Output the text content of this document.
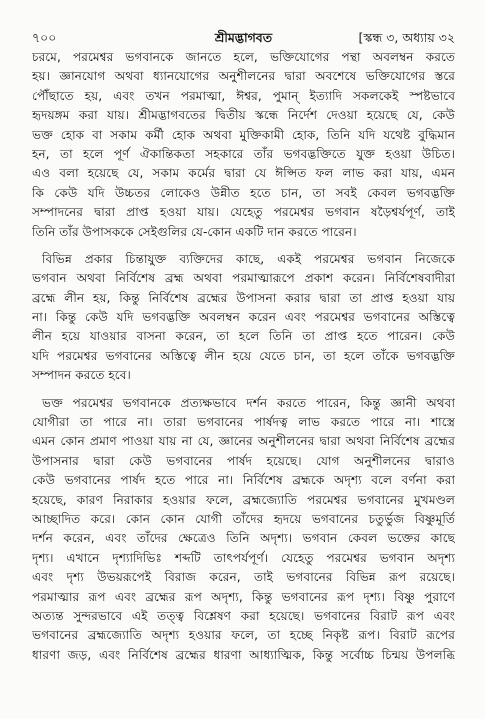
৭০০	শ্রীমদ্ভাগবত	[স্কন্ধ ৩, অধ্যায় ৩২
চরমে, পরমেশ্বর ভগবানকে জানতে হলে, ভক্তিযোগের পন্থা অবলম্বন করতে
হয়। জ্ঞানযোগ অথবা ধ্যানযোগের অনুশীলনের দ্বারা অবশেষে ভক্তিযোগের স্তরে
পৌঁছাতে হয়, এবং তখন পরমাত্মা, ঈশ্বর, পুমান্ ইত্যাদি সকলকেই স্পষ্টভাবে
হৃদয়ঙ্গম করা যায়। শ্রীমদ্ভাগবতের দ্বিতীয় স্কন্ধে নির্দেশ দেওয়া হয়েছে যে, কেউ
ভক্ত হোক বা সকাম কর্মী হোক অথবা মুক্তিকামী হোক, তিনি যদি যথেষ্ট বুদ্ধিমান
হন, তা হলে পূর্ণ ঐকান্তিকতা সহকারে তাঁর ভগবদ্ভক্তিতে যুক্ত হওয়া উচিত।
এও বলা হয়েছে যে, সকাম কর্মের দ্বারা যে ঈপ্সিত ফল লাভ করা যায়, এমন
কি কেউ যদি উচ্চতর লোকেও উন্নীত হতে চান, তা সবই কেবল ভগবদ্ভক্তি
সম্পাদনের দ্বারা প্রাপ্ত হওয়া যায়। যেহেতু পরমেশ্বর ভগবান ষড়ৈশ্বর্যপূর্ণ, তাই
তিনি তাঁর উপাসককে সেইগুলির যে-কোন একটি দান করতে পারেন।
বিভিন্ন প্রকার চিন্তাযুক্ত ব্যক্তিদের কাছে, একই পরমেশ্বর ভগবান নিজেকে
ভগবান অথবা নির্বিশেষ ব্রহ্ম অথবা পরমাত্মারূপে প্রকাশ করেন। নির্বিশেষবাদীরা
ব্রহ্মে লীন হয়, কিন্তু নির্বিশেষ ব্রহ্মের উপাসনা করার দ্বারা তা প্রাপ্ত হওয়া যায়
না। কিন্তু কেউ যদি ভগবদ্ভক্তি অবলম্বন করেন এবং পরমেশ্বর ভগবানের অস্তিত্বে
লীন হয়ে যাওয়ার বাসনা করেন, তা হলে তিনি তা প্রাপ্ত হতে পারেন। কেউ
যদি পরমেশ্বর ভগবানের অস্তিত্বে লীন হয়ে যেতে চান, তা হলে তাঁকে ভগবদ্ভক্তি
সম্পাদন করতে হবে।
ভক্ত পরমেশ্বর ভগবানকে প্রত্যক্ষভাবে দর্শন করতে পারেন, কিন্তু জ্ঞানী অথবা
যোগীরা তা পারে না। তারা ভগবানের পার্ষদত্ব লাভ করতে পারে না। শাস্ত্রে
এমন কোন প্রমাণ পাওয়া যায় না যে, জ্ঞানের অনুশীলনের দ্বারা অথবা নির্বিশেষ ব্রহ্মের
উপাসনার দ্বারা কেউ ভগবানের পার্ষদ হয়েছে। যোগ অনুশীলনের দ্বারাও
কেউ ভগবানের পার্ষদ হতে পারে না। নির্বিশেষ ব্রহ্মকে অদৃশ্য বলে বর্ণনা করা
হয়েছে, কারণ নিরাকার হওয়ার ফলে, ব্রহ্মজ্যোতি পরমেশ্বর ভগবানের মুখমণ্ডল
আচ্ছাদিত করে। কোন কোন যোগী তাঁদের হৃদয়ে ভগবানের চতুর্ভুজ বিষ্ণুমূর্তি
দর্শন করেন, এবং তাঁদের ক্ষেত্রেও তিনি অদৃশ্য। ভগবান কেবল ভক্তের কাছে
দৃশ্য। এখানে দৃশ্যাদিভিঃ শব্দটি তাৎপর্যপূর্ণ। যেহেতু পরমেশ্বর ভগবান অদৃশ্য
এবং দৃশ্য উভয়রূপেই বিরাজ করেন, তাই ভগবানের বিভিন্ন রূপ রয়েছে।
পরমাত্মার রূপ এবং ব্রহ্মের রূপ অদৃশ্য, কিন্তু ভগবানের রূপ দৃশ্য। বিষ্ণু পুরাণে
অত্যন্ত সুন্দরভাবে এই তত্ত্ব বিশ্লেষণ করা হয়েছে। ভগবানের বিরাট রূপ এবং
ভগবানের ব্রহ্মজ্যোতি অদৃশ্য হওয়ার ফলে, তা হচ্ছে নিকৃষ্ট রূপ। বিরাট রূপের
ধারণা জড়, এবং নির্বিশেষ ব্রহ্মের ধারণা আধ্যাত্মিক, কিন্তু সর্বোচ্চ চিন্ময় উপলব্ধি
